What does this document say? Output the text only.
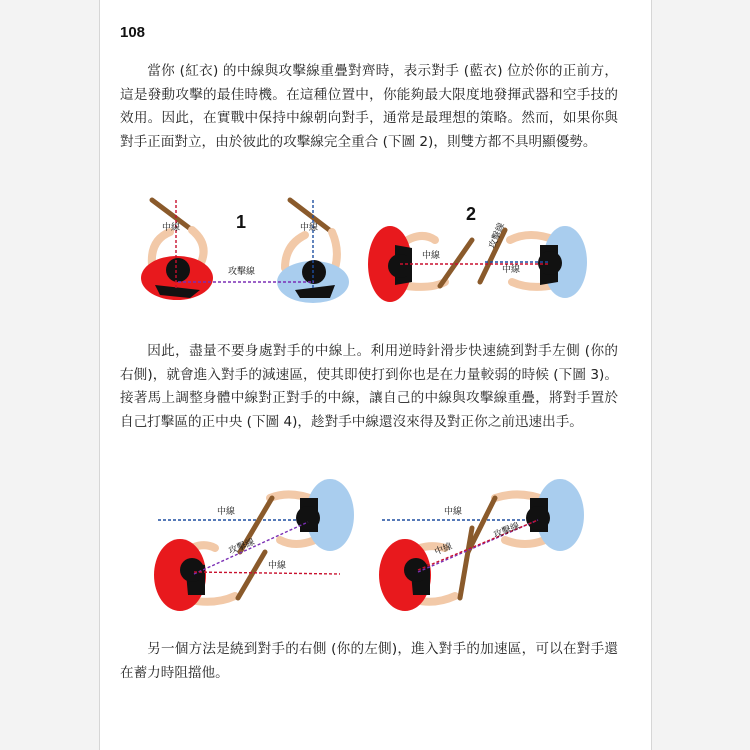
108

當你 (紅衣) 的中線與攻擊線重疊對齊時，表示對手 (藍衣) 位於你的正前方，這是發動攻擊的最佳時機。在這種位置中，你能夠最大限度地發揮武器和空手技的效用。因此，在實戰中保持中線朝向對手，通常是最理想的策略。然而，如果你與對手正面對立，由於彼此的攻擊線完全重合 (下圖 2)，則雙方都不具明顯優勢。

中線	中線
攻擊線
1	2
中線
中線
攻擊線

因此，盡量不要身處對手的中線上。利用逆時針滑步快速繞到對手左側 (你的右側)，就會進入對手的減速區，使其即使打到你也是在力量較弱的時候 (下圖 3)。接著馬上調整身體中線對正對手的中線，讓自己的中線與攻擊線重疊，將對手置於自己打擊區的正中央 (下圖 4)，趁對手中線還沒來得及對正你之前迅速出手。

中線
攻擊線
中線
中線
攻擊線
中線

另一個方法是繞到對手的右側 (你的左側)，進入對手的加速區，可以在對手還在蓄力時阻擋他。
